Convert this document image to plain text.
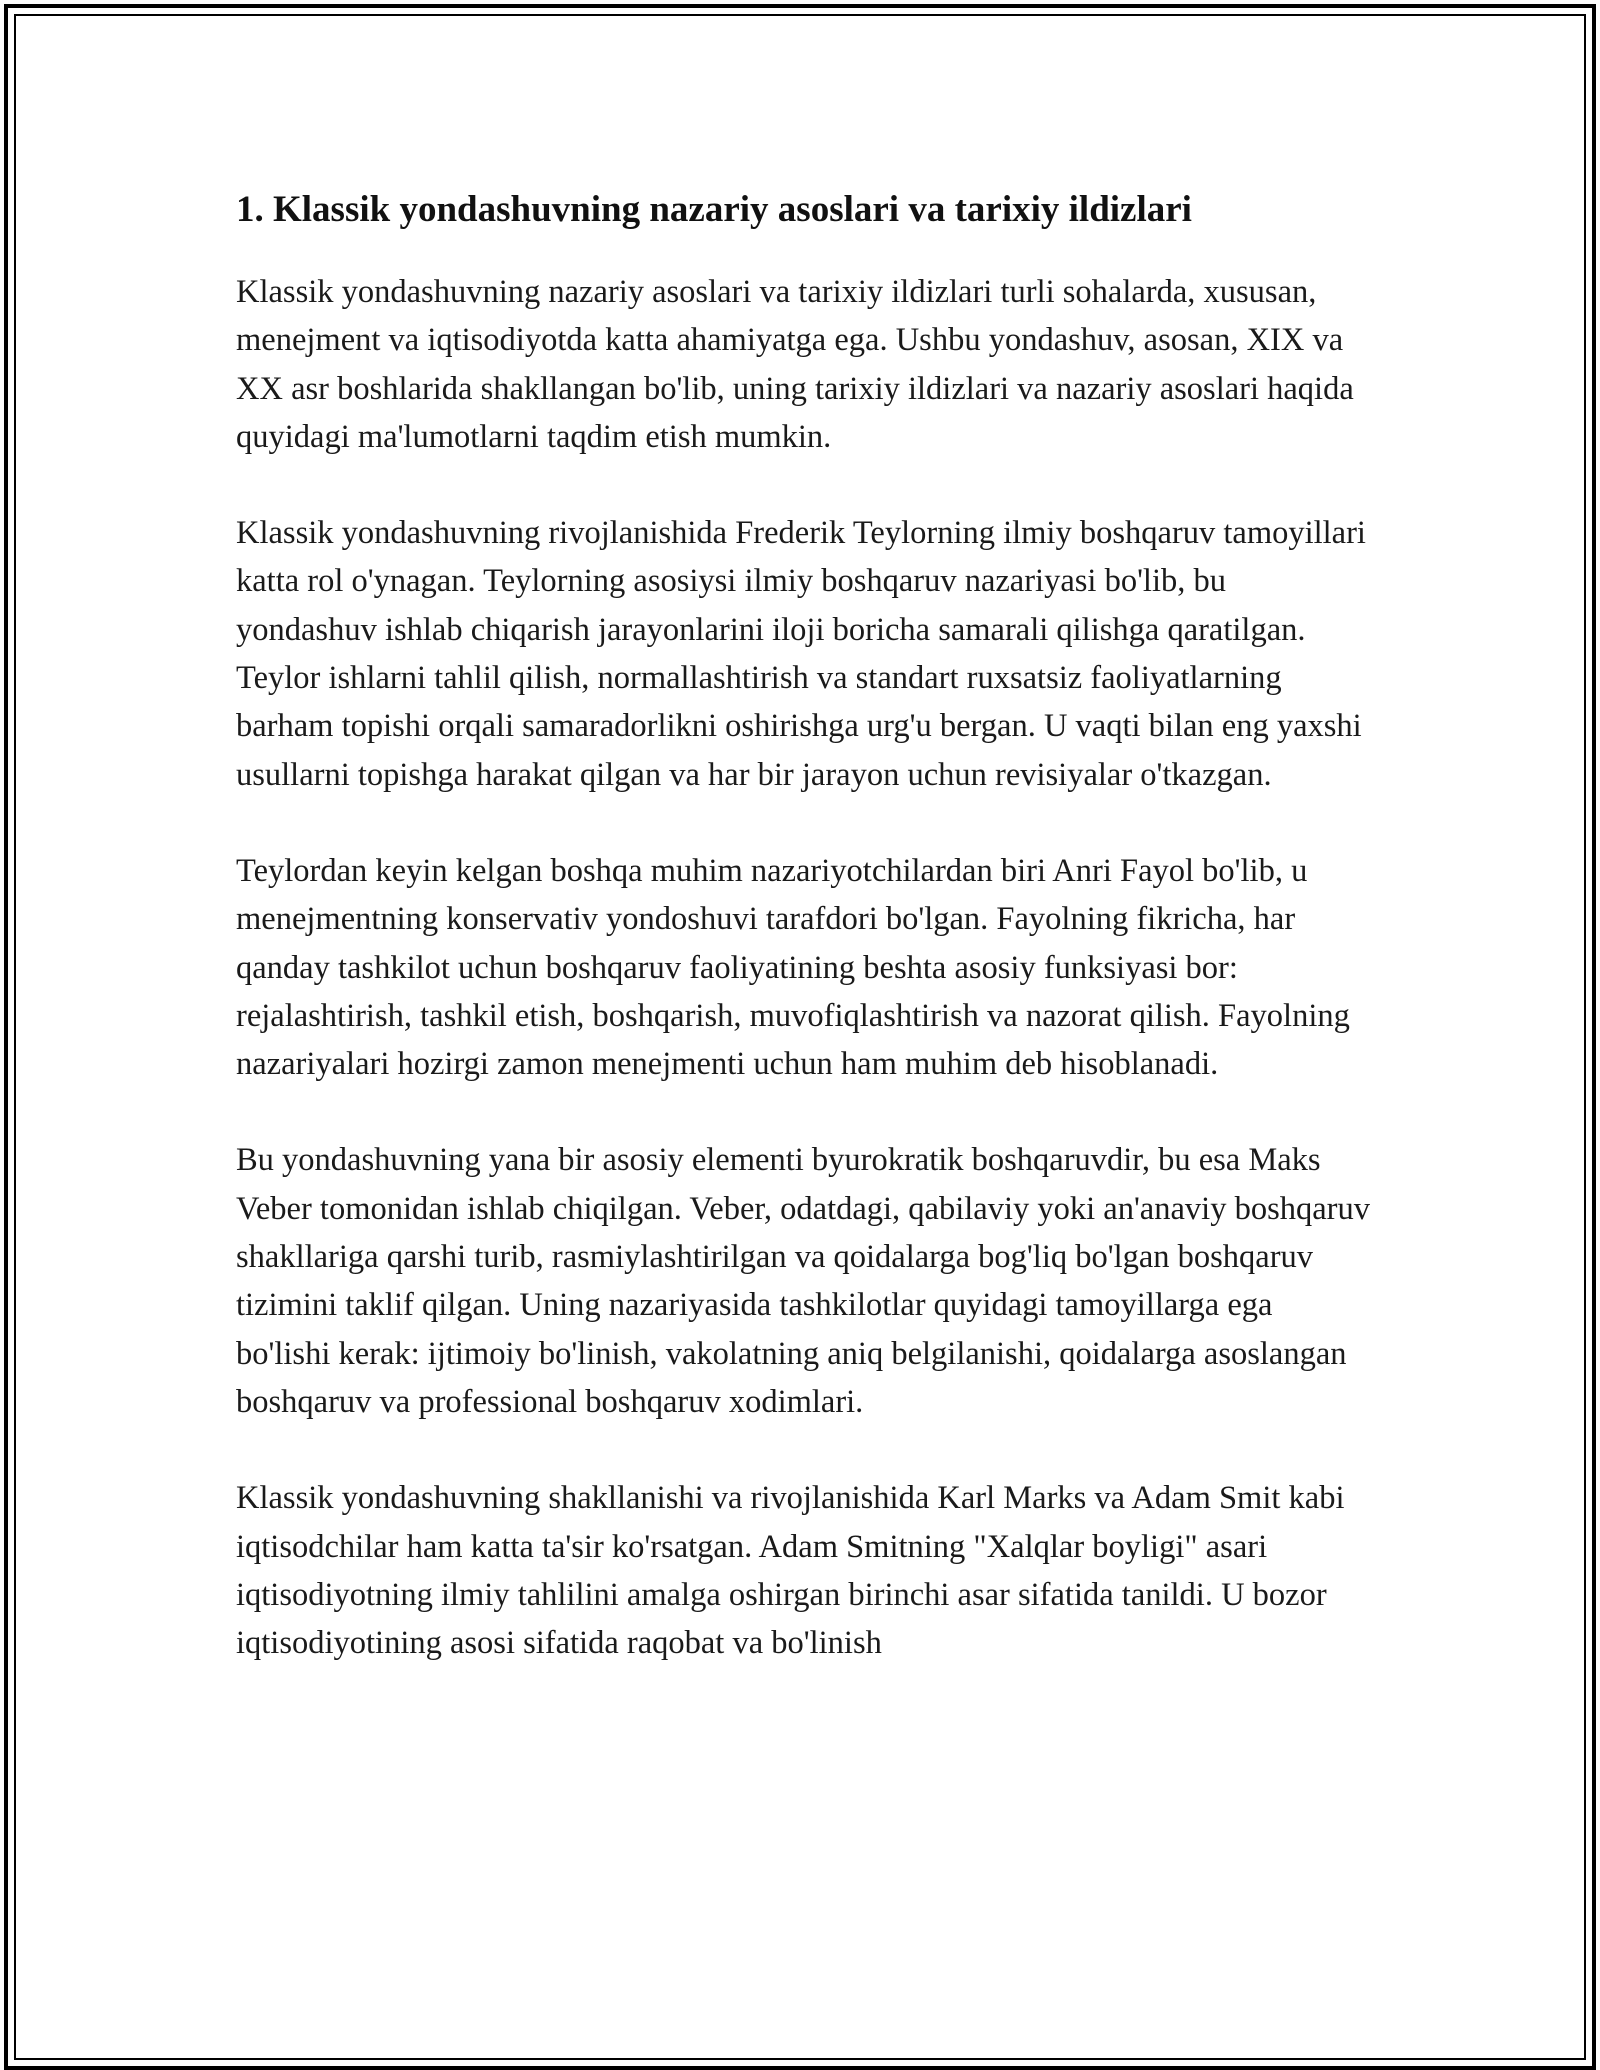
1. Klassik yondashuvning nazariy asoslari va tarixiy ildizlari

Klassik yondashuvning nazariy asoslari va tarixiy ildizlari turli sohalarda, xususan, menejment va iqtisodiyotda katta ahamiyatga ega. Ushbu yondashuv, asosan, XIX va XX asr boshlarida shakllangan bo'lib, uning tarixiy ildizlari va nazariy asoslari haqida quyidagi ma'lumotlarni taqdim etish mumkin.

Klassik yondashuvning rivojlanishida Frederik Teylorning ilmiy boshqaruv tamoyillari katta rol o'ynagan. Teylorning asosiysi ilmiy boshqaruv nazariyasi bo'lib, bu yondashuv ishlab chiqarish jarayonlarini iloji boricha samarali qilishga qaratilgan. Teylor ishlarni tahlil qilish, normallashtirish va standart ruxsatsiz faoliyatlarning barham topishi orqali samaradorlikni oshirishga urg'u bergan. U vaqti bilan eng yaxshi usullarni topishga harakat qilgan va har bir jarayon uchun revisiyalar o'tkazgan.

Teylordan keyin kelgan boshqa muhim nazariyotchilardan biri Anri Fayol bo'lib, u menejmentning konservativ yondoshuvi tarafdori bo'lgan. Fayolning fikricha, har qanday tashkilot uchun boshqaruv faoliyatining beshta asosiy funksiyasi bor: rejalashtirish, tashkil etish, boshqarish, muvofiqlashtirish va nazorat qilish. Fayolning nazariyalari hozirgi zamon menejmenti uchun ham muhim deb hisoblanadi.

Bu yondashuvning yana bir asosiy elementi byurokratik boshqaruvdir, bu esa Maks Veber tomonidan ishlab chiqilgan. Veber, odatdagi, qabilaviy yoki an'anaviy boshqaruv shakllariga qarshi turib, rasmiylashtirilgan va qoidalarga bog'liq bo'lgan boshqaruv tizimini taklif qilgan. Uning nazariyasida tashkilotlar quyidagi tamoyillarga ega bo'lishi kerak: ijtimoiy bo'linish, vakolatning aniq belgilanishi, qoidalarga asoslangan boshqaruv va professional boshqaruv xodimlari.

Klassik yondashuvning shakllanishi va rivojlanishida Karl Marks va Adam Smit kabi iqtisodchilar ham katta ta'sir ko'rsatgan. Adam Smitning "Xalqlar boyligi" asari iqtisodiyotning ilmiy tahlilini amalga oshirgan birinchi asar sifatida tanildi. U bozor iqtisodiyotining asosi sifatida raqobat va bo'linish
